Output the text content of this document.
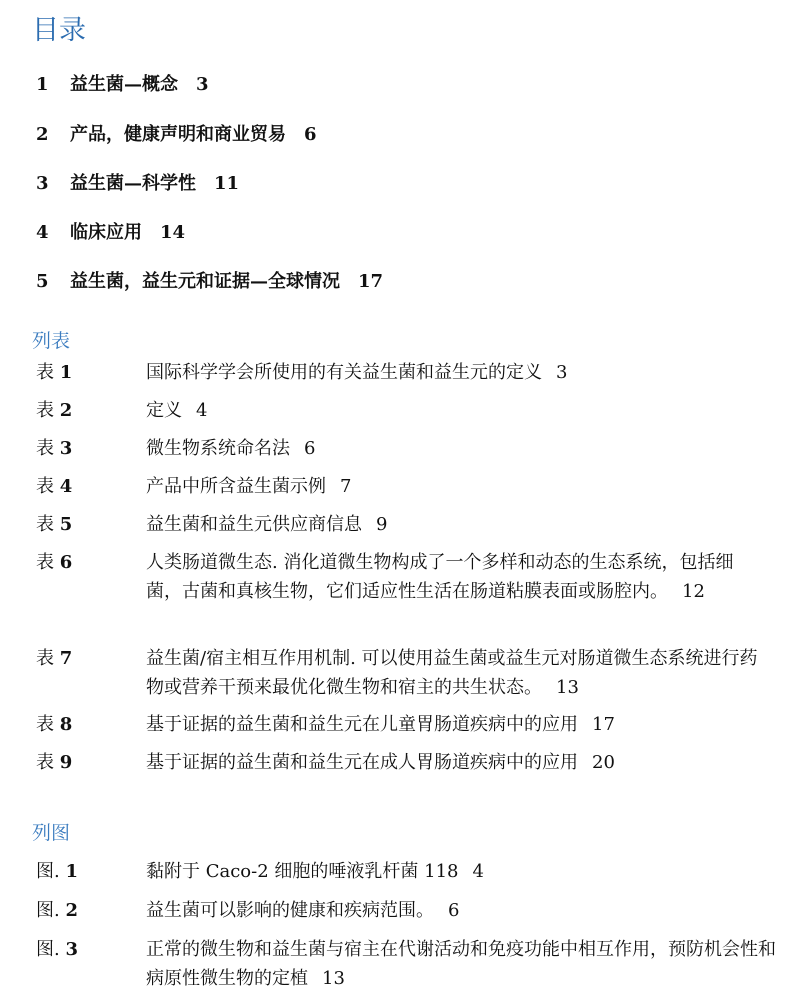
目录
1 益生菌—概念 3
2 产品，健康声明和商业贸易 6
3 益生菌—科学性 11
4 临床应用 14
5 益生菌，益生元和证据—全球情况 17
列表
表 1	国际科学学会所使用的有关益生菌和益生元的定义 3
表 2	定义 4
表 3	微生物系统命名法 6
表 4	产品中所含益生菌示例 7
表 5	益生菌和益生元供应商信息 9
表 6	人类肠道微生态. 消化道微生物构成了一个多样和动态的生态系统，包括细菌，古菌和真核生物，它们适应性生活在肠道粘膜表面或肠腔内。 12
表 7	益生菌/宿主相互作用机制. 可以使用益生菌或益生元对肠道微生态系统进行药物或营养干预来最优化微生物和宿主的共生状态。 13
表 8	基于证据的益生菌和益生元在儿童胃肠道疾病中的应用 17
表 9	基于证据的益生菌和益生元在成人胃肠道疾病中的应用 20
列图
图. 1	黏附于 Caco-2 细胞的唾液乳杆菌 118 4
图. 2	益生菌可以影响的健康和疾病范围。 6
图. 3	正常的微生物和益生菌与宿主在代谢活动和免疫功能中相互作用，预防机会性和病原性微生物的定植 13
